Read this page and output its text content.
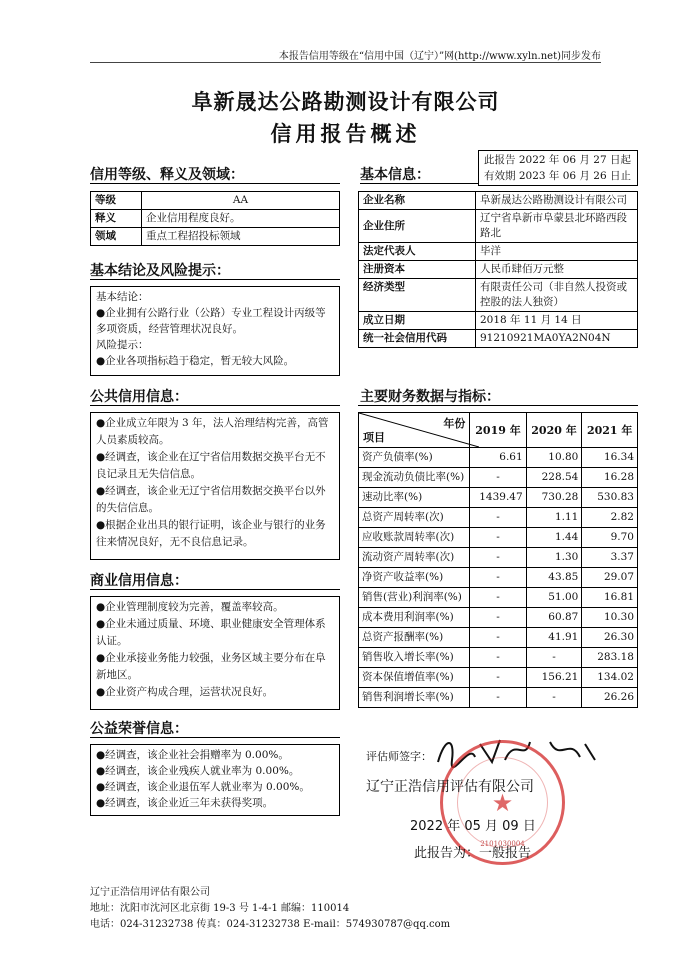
本报告信用等级在“信用中国（辽宁）”网(http://www.xyln.net)同步发布
阜新晟达公路勘测设计有限公司
信用报告概述

此报告 2022 年 06 月 27 日起

有效期 2023 年 06 月 26 日止

信用等级、释义及领域：
等级	AA
释义	企业信用程度良好。
领域	重点工程招投标领域
基本信息：
企业名称	阜新晟达公路勘测设计有限公司
企业住所	辽宁省阜新市阜蒙县北环路西段路北
法定代表人	毕洋
注册资本	人民币肆佰万元整
经济类型	有限责任公司（非自然人投资或控股的法人独资）
成立日期	2018 年 11 月 14 日
统一社会信用代码	91210921MA0YA2N04N
基本结论及风险提示：

基本结论：

●企业拥有公路行业（公路）专业工程设计丙级等多项资质，经营管理状况良好。

风险提示：

●企业各项指标趋于稳定，暂无较大风险。

公共信用信息：

●企业成立年限为 3 年，法人治理结构完善，高管人员素质较高。

●经调查，该企业在辽宁省信用数据交换平台无不良记录且无失信信息。

●经调查，该企业无辽宁省信用数据交换平台以外的失信信息。

●根据企业出具的银行证明，该企业与银行的业务往来情况良好，无不良信息记录。

商业信用信息：

●企业管理制度较为完善，覆盖率较高。

●企业未通过质量、环境、职业健康安全管理体系认证。

●企业承接业务能力较强，业务区域主要分布在阜新地区。

●企业资产构成合理，运营状况良好。

公益荣誉信息：

●经调查，该企业社会捐赠率为 0.00%。

●经调查，该企业残疾人就业率为 0.00%。

●经调查，该企业退伍军人就业率为 0.00%。

●经调查，该企业近三年未获得奖项。

主要财务数据与指标：
年份
项目	2019 年	2020 年	2021 年
资产负债率(%)	6.61	10.80	16.34
现金流动负债比率(%)	-	228.54	16.28
速动比率(%)	1439.47	730.28	530.83
总资产周转率(次)	-	1.11	2.82
应收账款周转率(次)	-	1.44	9.70
流动资产周转率(次)	-	1.30	3.37
净资产收益率(%)	-	43.85	29.07
销售(营业)利润率(%)	-	51.00	16.81
成本费用利润率(%)	-	60.87	10.30
总资产报酬率(%)	-	41.91	26.30
销售收入增长率(%)	-	-	283.18
资本保值增值率(%)	-	156.21	134.02
销售利润增长率(%)	-	-	26.26
评估师签字：
★
2101030004
辽宁正浩信用评估有限公司
2022 年 05 月 09 日
此报告为：一般报告
辽宁正浩信用评估有限公司
地址：沈阳市沈河区北京街 19-3 号 1-4-1 邮编：110014
电话：024-31232738 传真：024-31232738 E-mail：574930787@qq.com
